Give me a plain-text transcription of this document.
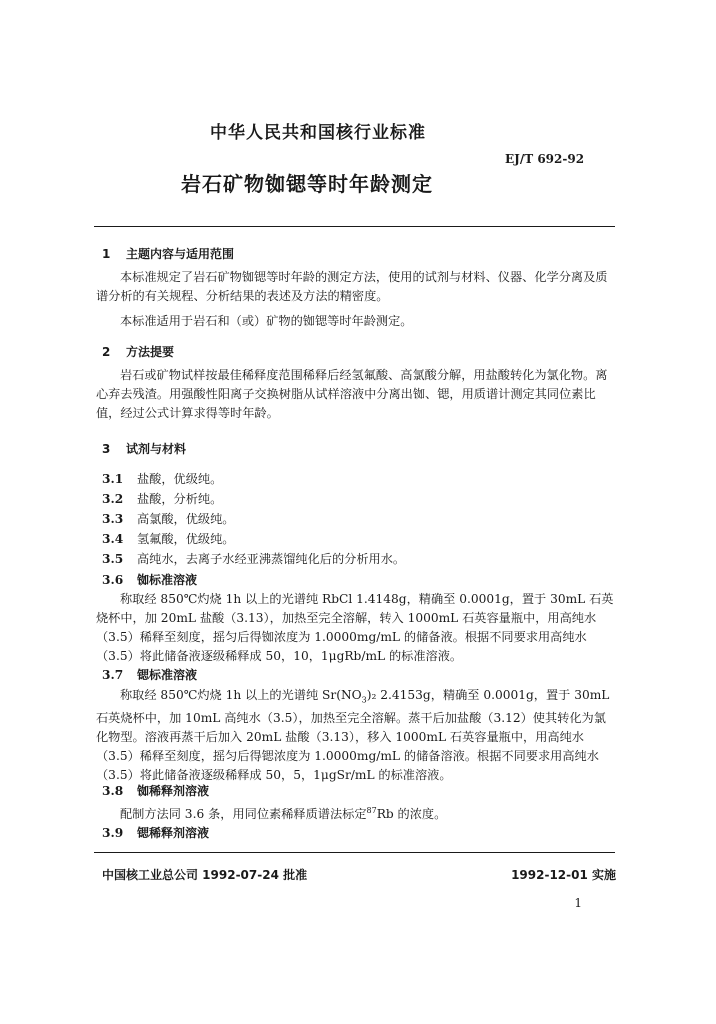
中华人民共和国核行业标准
岩石矿物铷锶等时年龄测定
EJ/T 692-92
1 主题内容与适用范围
本标准规定了岩石矿物铷锶等时年龄的测定方法，使用的试剂与材料、仪器、化学分离及质谱分析的有关规程、分析结果的表述及方法的精密度。
本标准适用于岩石和（或）矿物的铷锶等时年龄测定。
2 方法提要
岩石或矿物试样按最佳稀释度范围稀释后经氢氟酸、高氯酸分解，用盐酸转化为氯化物。离心弃去残渣。用强酸性阳离子交换树脂从试样溶液中分离出铷、锶，用质谱计测定其同位素比值，经过公式计算求得等时年龄。
3 试剂与材料
3.1 盐酸，优级纯。
3.2 盐酸，分析纯。
3.3 高氯酸，优级纯。
3.4 氢氟酸，优级纯。
3.5 高纯水，去离子水经亚沸蒸馏纯化后的分析用水。
3.6 铷标准溶液
称取经 850℃灼烧 1h 以上的光谱纯 RbCl 1.4148g，精确至 0.0001g，置于 30mL 石英烧杯中，加 20mL 盐酸（3.13），加热至完全溶解，转入 1000mL 石英容量瓶中，用高纯水（3.5）稀释至刻度，摇匀后得铷浓度为 1.0000mg/mL 的储备液。根据不同要求用高纯水（3.5）将此储备液逐级稀释成 50，10，1μgRb/mL 的标准溶液。
3.7 锶标准溶液
称取经 850℃灼烧 1h 以上的光谱纯 $Sr(NO_3)_2$ 2.4153g，精确至 0.0001g，置于 30mL 石英烧杯中，加 10mL 高纯水（3.5），加热至完全溶解。蒸干后加盐酸（3.12）使其转化为氯化物型。溶液再蒸干后加入 20mL 盐酸（3.13），移入 1000mL 石英容量瓶中，用高纯水（3.5）稀释至刻度，摇匀后得锶浓度为 1.0000mg/mL 的储备溶液。根据不同要求用高纯水（3.5）将此储备液逐级稀释成 50，5，1μgSr/mL 的标准溶液。
3.8 铷稀释剂溶液
配制方法同 3.6 条，用同位素稀释质谱法标定$^{87}$Rb 的浓度。
3.9 锶稀释剂溶液
中国核工业总公司 1992-07-24 批准	1992-12-01 实施
1
